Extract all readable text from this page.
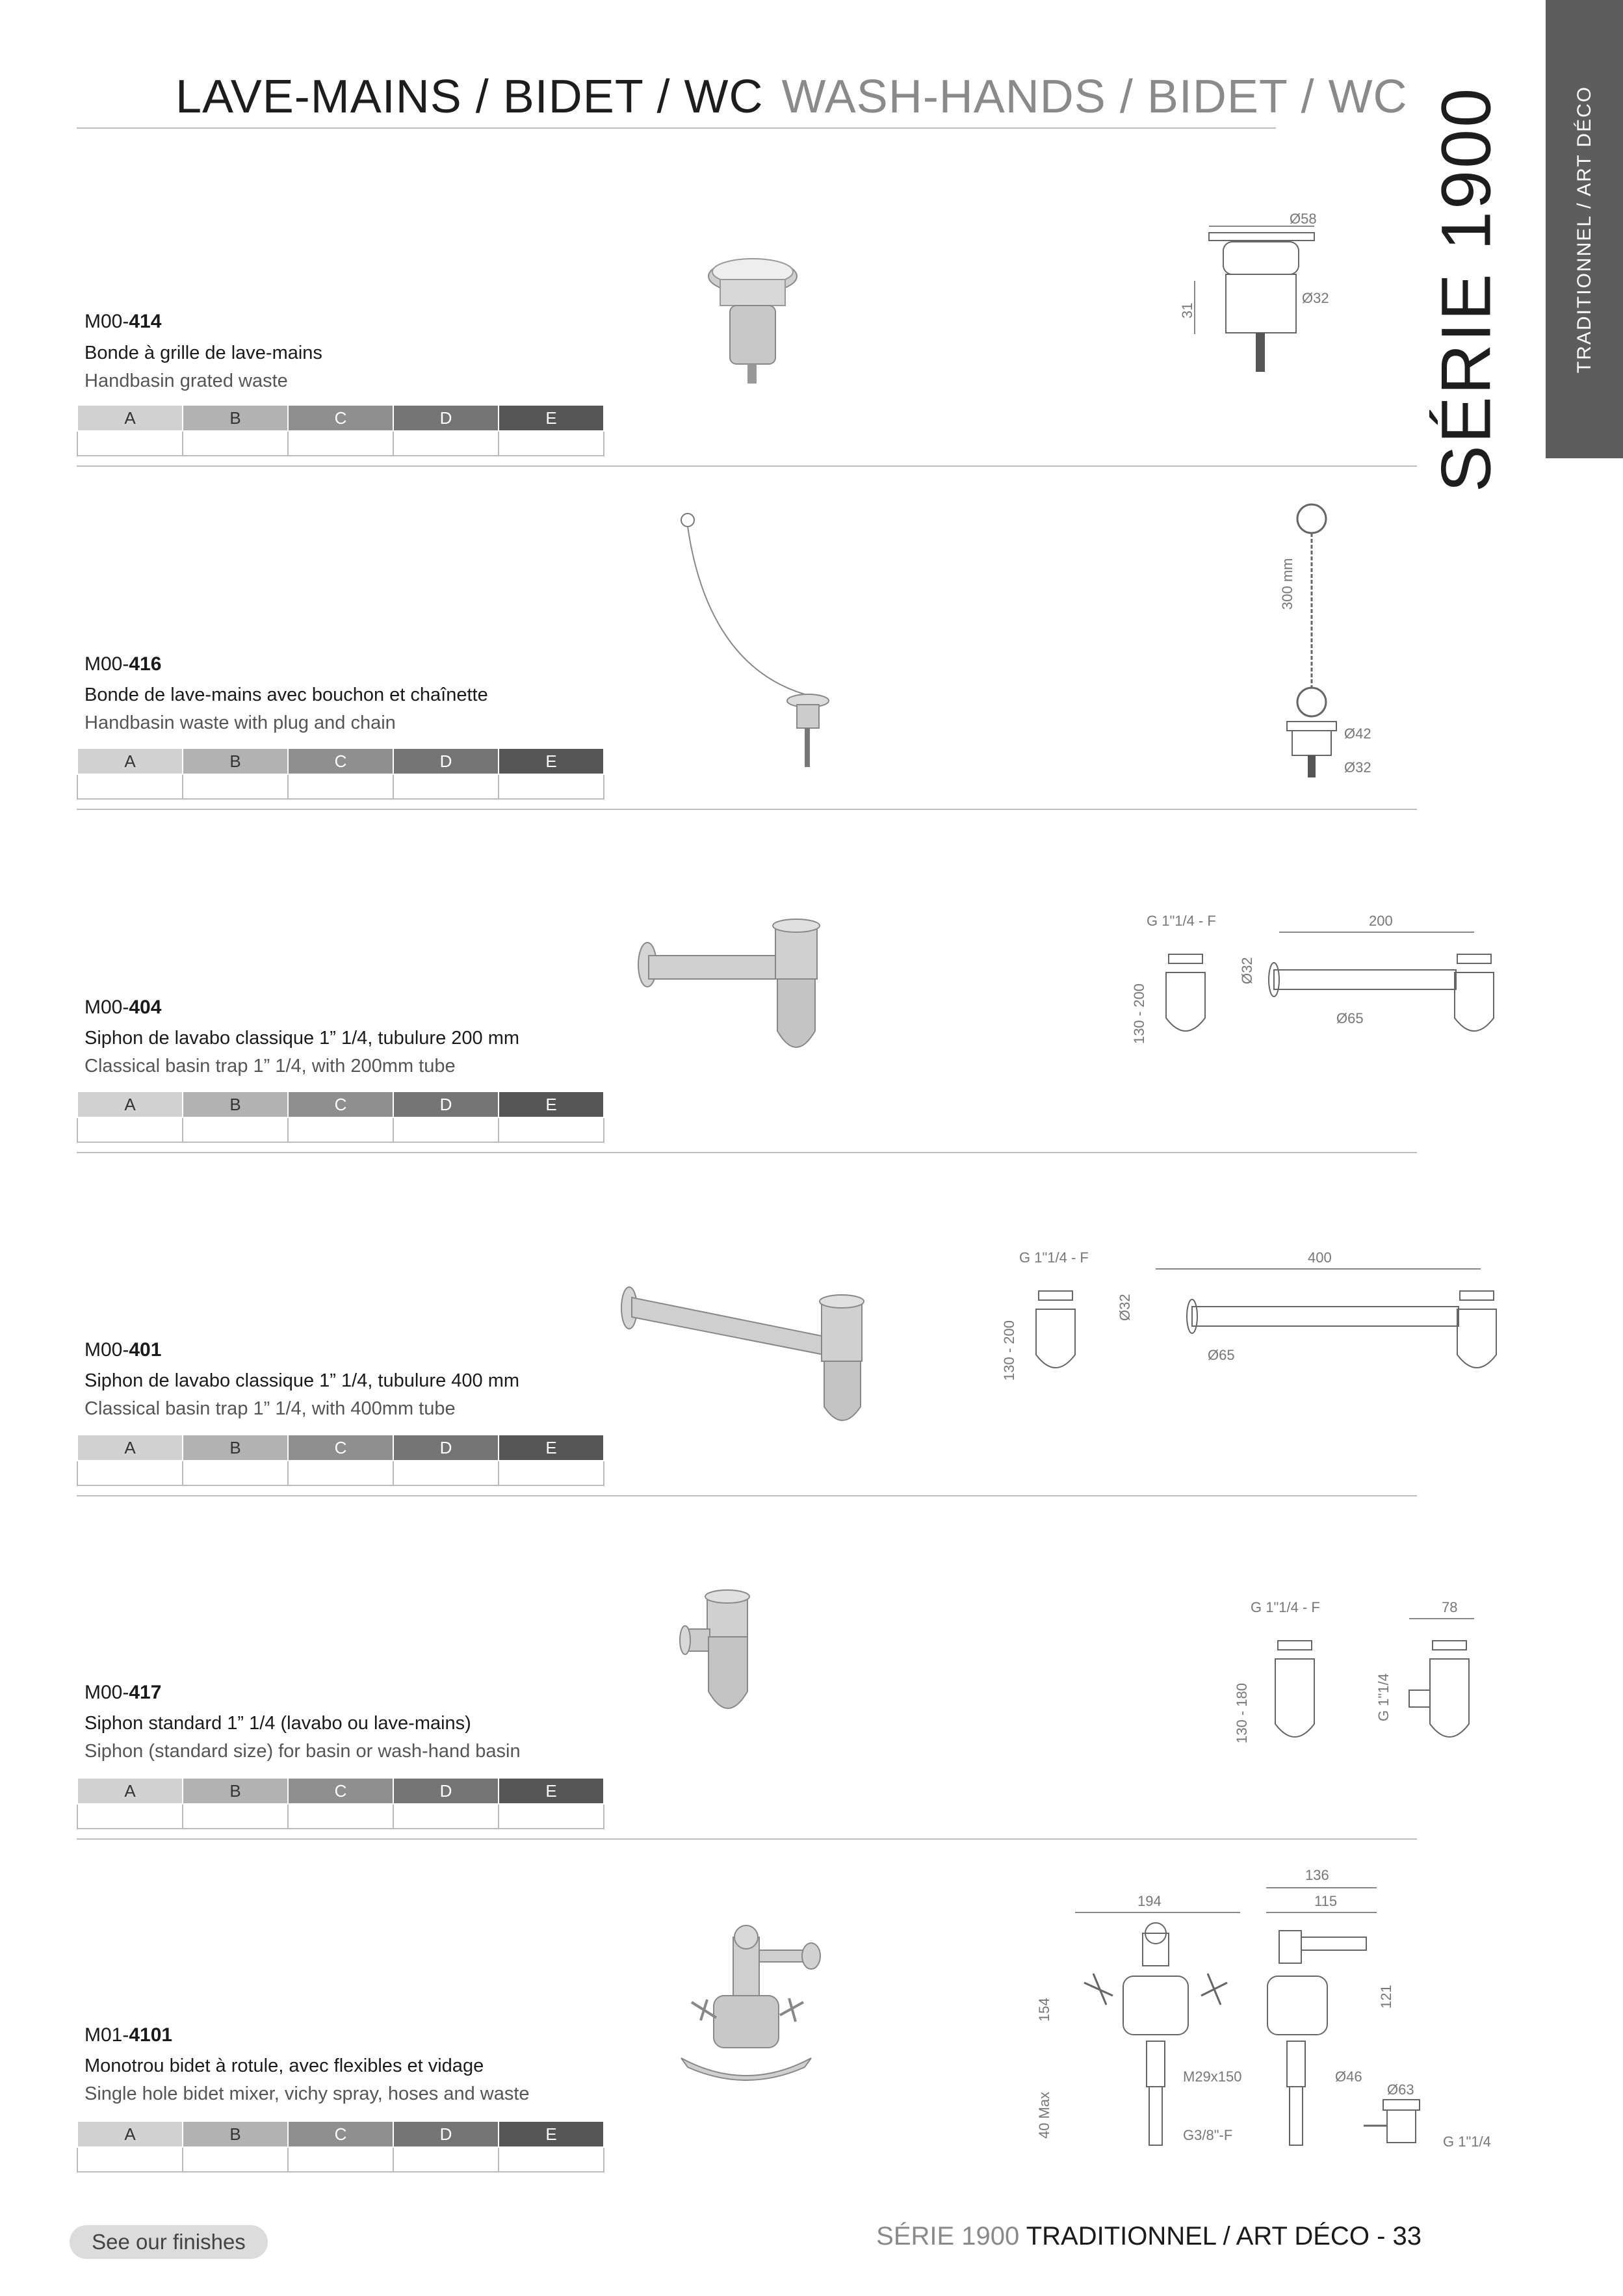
LAVE-MAINS / BIDET / WC WASH-HANDS / BIDET / WC	TRADITIONNEL / ART DÉCO
SÉRIE 1900
M00-414
Bonde à grille de lave-mains
Handbasin grated waste
A	B	C	D	E

Ø58
Ø32
31
M00-416
Bonde de lave-mains avec bouchon et chaînette
Handbasin waste with plug and chain
A	B	C	D	E

300 mm
Ø42
Ø32
M00-404
Siphon de lavabo classique 1” 1/4, tubulure 200 mm
Classical basin trap 1” 1/4, with 200mm tube
A	B	C	D	E

G 1"1/4 - F
130 - 200
Ø32
200
Ø65
M00-401
Siphon de lavabo classique 1” 1/4, tubulure 400 mm
Classical basin trap 1” 1/4, with 400mm tube
A	B	C	D	E

G 1"1/4 - F
130 - 200
Ø32
400
Ø65
M00-417
Siphon standard 1” 1/4 (lavabo ou lave-mains)
Siphon (standard size) for basin or wash-hand basin
A	B	C	D	E

G 1"1/4 - F
130 - 180	G 1"1/4
78
M01-4101
Monotrou bidet à rotule, avec flexibles et vidage
Single hole bidet mixer, vichy spray, hoses and waste
A	B	C	D	E

194
154
40 Max
M29x150
G3/8"-F
136
115
121
Ø46
Ø63
G 1"1/4
See our finishes	SÉRIE 1900 TRADITIONNEL / ART DÉCO - 33
